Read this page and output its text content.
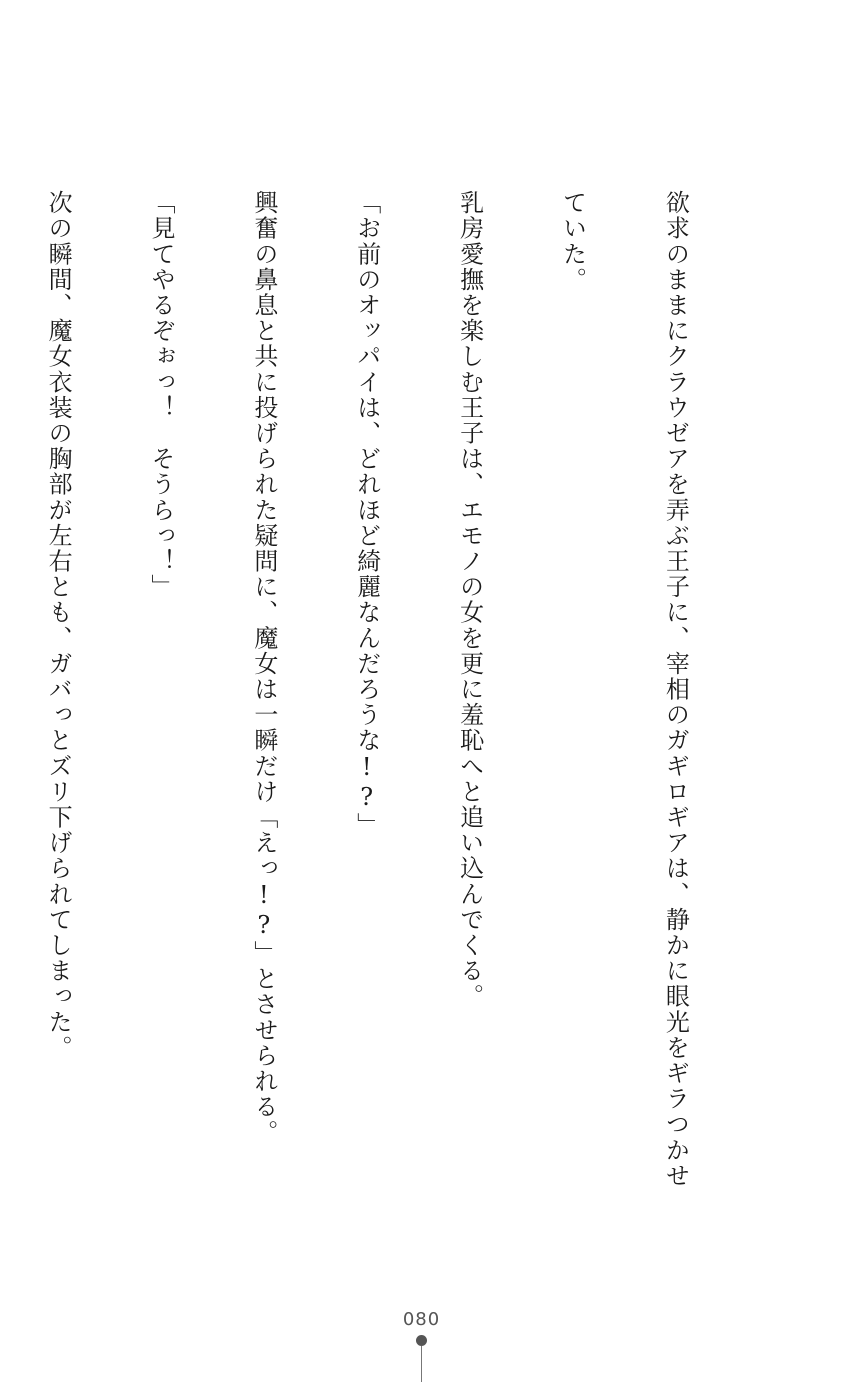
欲求のままにクラウゼアを弄ぶ王子に、宰相のガギロギアは、静かに眼光をギラつかせ

ていた。

乳房愛撫を楽しむ王子は、エモノの女を更に羞恥へと追い込んでくる。

「お前のオッパイは、どれほど綺麗なんだろうな!?」

興奮の鼻息と共に投げられた疑問に、魔女は一瞬だけ「えっ!?」とさせられる。

「見てやるぞぉっ！　そうらっ！」

次の瞬間、魔女衣装の胸部が左右とも、ガバっとズリ下げられてしまった。

080
